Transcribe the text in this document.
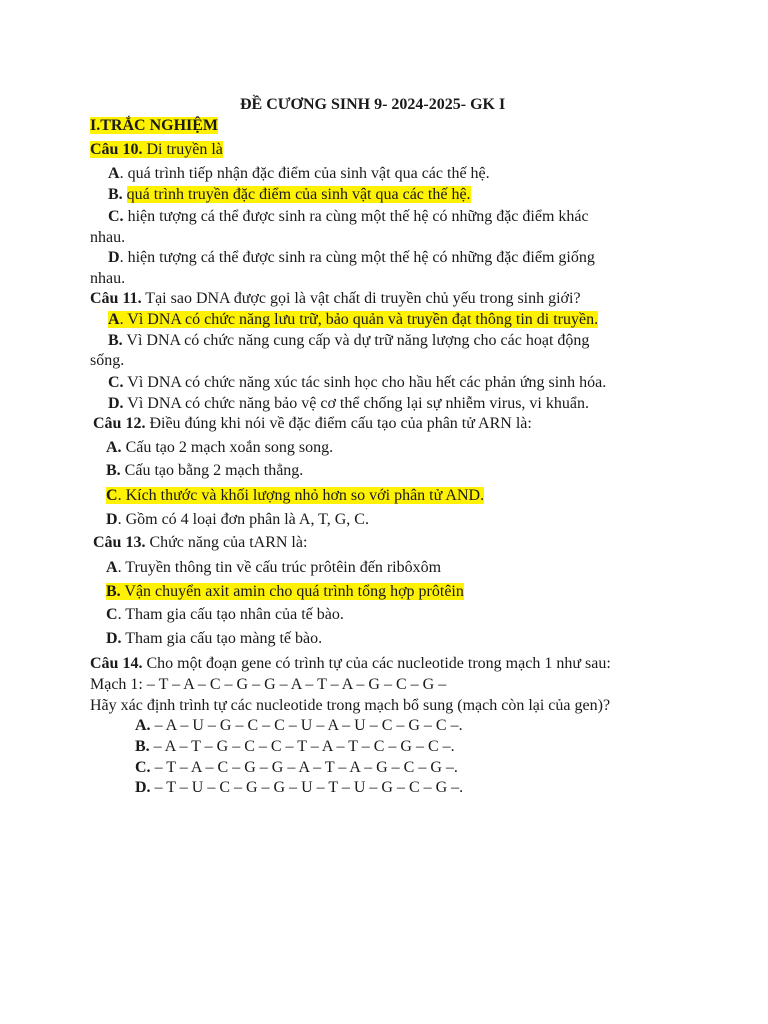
ĐỀ CƯƠNG SINH 9- 2024-2025- GK I
I.TRẮC NGHIỆM
Câu 10. Di truyền là
A. quá trình tiếp nhận đặc điểm của sinh vật qua các thế hệ.
B. quá trình truyền đặc điểm của sinh vật qua các thế hệ.
C. hiện tượng cá thể được sinh ra cùng một thế hệ có những đặc điểm khác
nhau.
D. hiện tượng cá thể được sinh ra cùng một thế hệ có những đặc điểm giống
nhau.
Câu 11. Tại sao DNA được gọi là vật chất di truyền chủ yếu trong sinh giới?
A. Vì DNA có chức năng lưu trữ, bảo quản và truyền đạt thông tin di truyền.
B. Vì DNA có chức năng cung cấp và dự trữ năng lượng cho các hoạt động
sống.
C. Vì DNA có chức năng xúc tác sinh học cho hầu hết các phản ứng sinh hóa.
D. Vì DNA có chức năng bảo vệ cơ thể chống lại sự nhiễm virus, vi khuẩn.
Câu 12. Điều đúng khi nói về đặc điểm cấu tạo của phân tử ARN là:
A. Cấu tạo 2 mạch xoắn song song.
B. Cấu tạo bằng 2 mạch thẳng.
C. Kích thước và khối lượng nhỏ hơn so với phân tử AND.
D. Gồm có 4 loại đơn phân là A, T, G, C.
Câu 13. Chức năng của tARN là:
A. Truyền thông tin về cấu trúc prôtêin đến ribôxôm
B. Vận chuyển axit amin cho quá trình tổng hợp prôtêin
C. Tham gia cấu tạo nhân của tế bào.
D. Tham gia cấu tạo màng tế bào.
Câu 14. Cho một đoạn gene có trình tự của các nucleotide trong mạch 1 như sau:
Mạch 1: – T – A – C – G – G – A – T – A – G – C – G –
Hãy xác định trình tự các nucleotide trong mạch bổ sung (mạch còn lại của gen)?
A. – A – U – G – C – C – U – A – U – C – G – C –.
B. – A – T – G – C – C – T – A – T – C – G – C –.
C. – T – A – C – G – G – A – T – A – G – C – G –.
D. – T – U – C – G – G – U – T – U – G – C – G –.
